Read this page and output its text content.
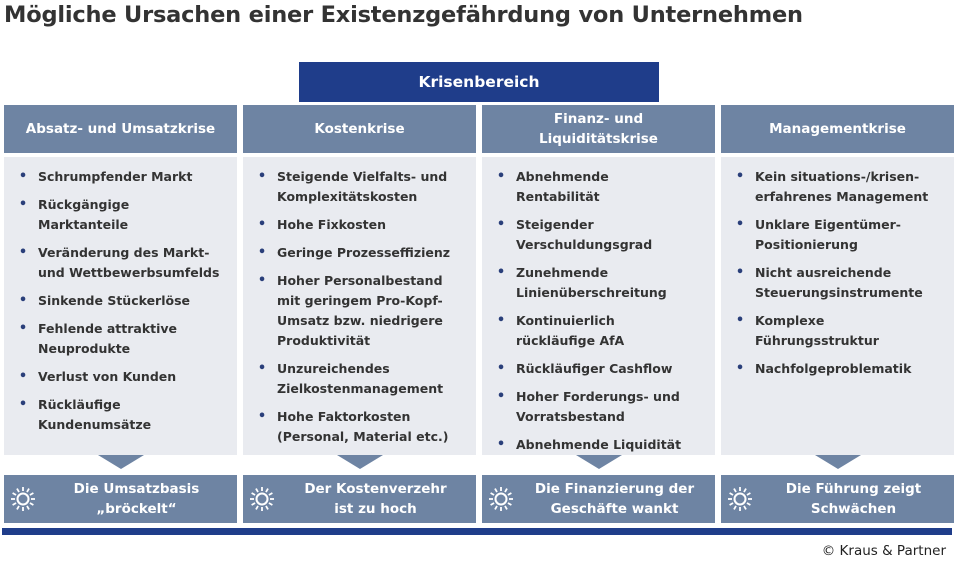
Mögliche Ursachen einer Existenzgefährdung von Unternehmen
Krisenbereich
Absatz- und Umsatzkrise
• Schrumpfender Markt
• Rückgängige
Marktanteile
• Veränderung des Markt-
und Wettbewerbsumfelds
• Sinkende Stückerlöse
• Fehlende attraktive
Neuprodukte
• Verlust von Kunden
• Rückläufige
Kundenumsätze
Die Umsatzbasis
„bröckelt“
Kostenkrise
• Steigende Vielfalts- und
Komplexitätskosten
• Hohe Fixkosten
• Geringe Prozesseffizienz
• Hoher Personalbestand
mit geringem Pro-Kopf-
Umsatz bzw. niedrigere
Produktivität
• Unzureichendes
Zielkostenmanagement
• Hohe Faktorkosten
(Personal, Material etc.)
Der Kostenverzehr
ist zu hoch
Finanz- und
Liquiditätskrise
• Abnehmende
Rentabilität
• Steigender
Verschuldungsgrad
• Zunehmende
Linienüberschreitung
• Kontinuierlich
rückläufige AfA
• Rückläufiger Cashflow
• Hoher Forderungs- und
Vorratsbestand
• Abnehmende Liquidität
Die Finanzierung der
Geschäfte wankt
Managementkrise
• Kein situations-/krisen-
erfahrenes Management
• Unklare Eigentümer-
Positionierung
• Nicht ausreichende
Steuerungsinstrumente
• Komplexe
Führungsstruktur
• Nachfolgeproblematik
Die Führung zeigt
Schwächen
© Kraus & Partner
